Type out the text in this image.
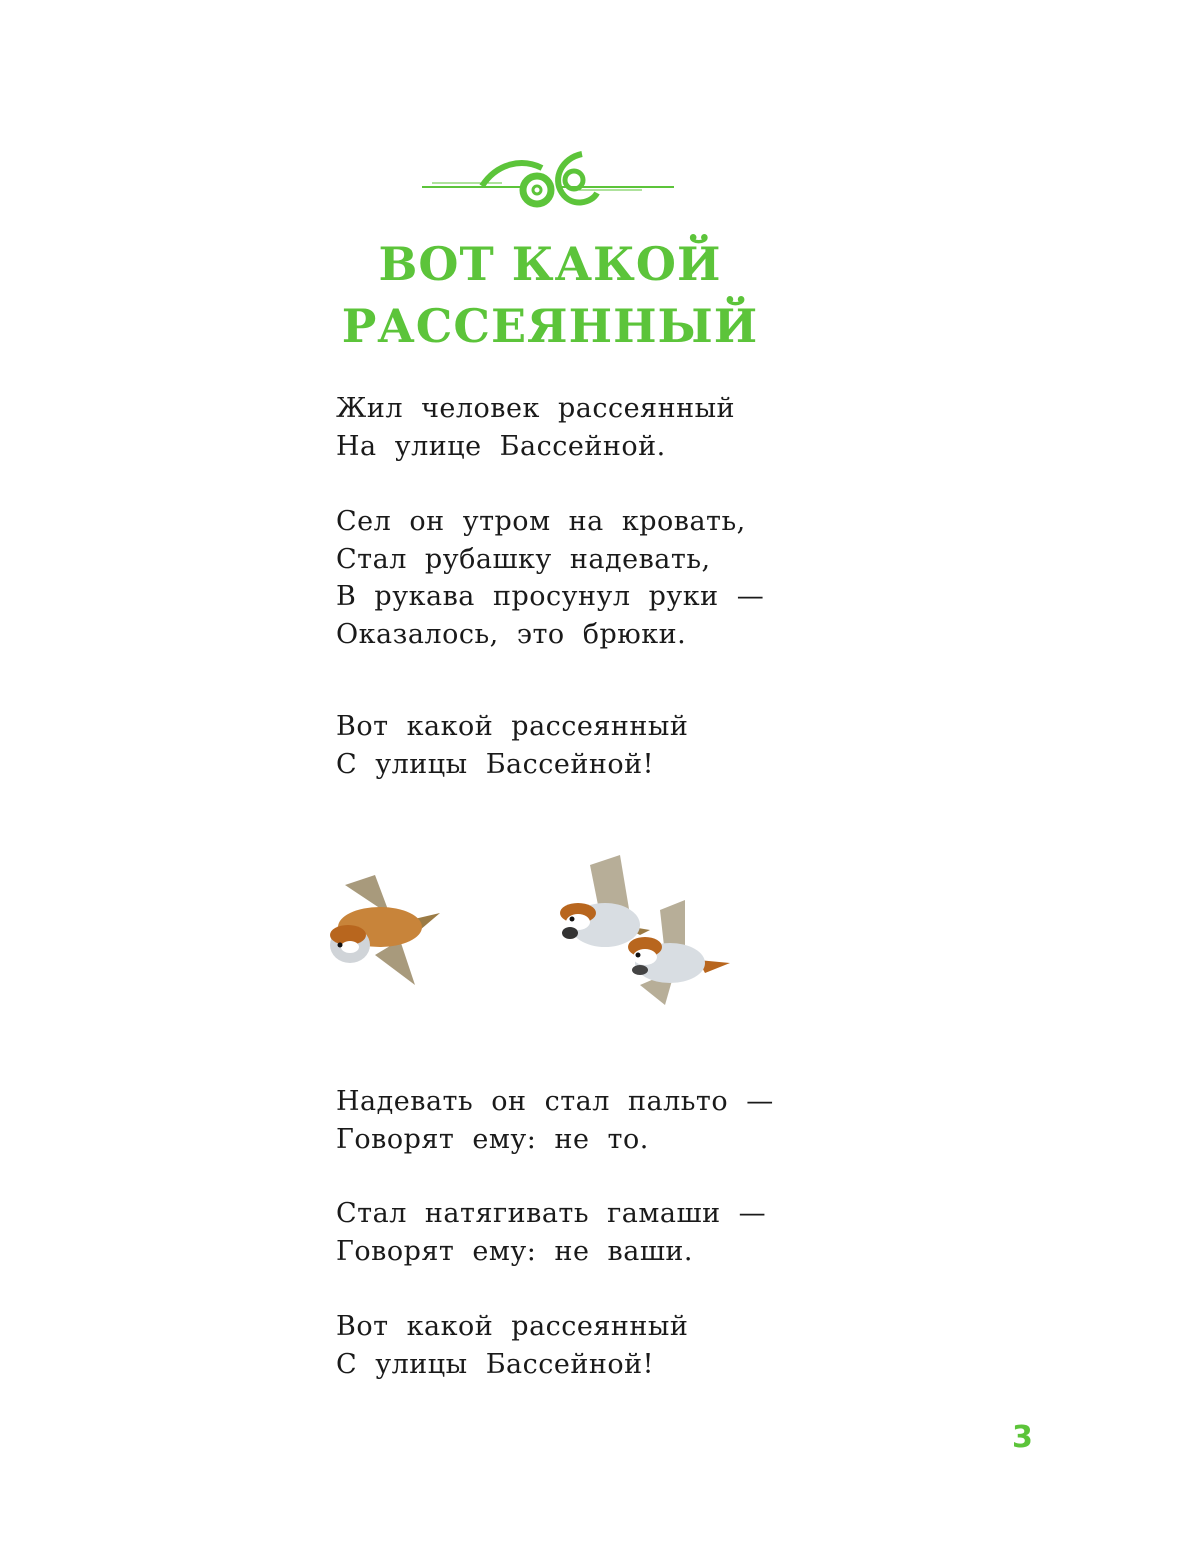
ВОТ КАКОЙ
РАССЕЯННЫЙ
Жил человек рассеянный
На улице Бассейной.
Сел он утром на кровать,
Стал рубашку надевать,
В рукава просунул руки —
Оказалось, это брюки.
Вот какой рассеянный
С улицы Бассейной!
Надевать он стал пальто —
Говорят ему: не то.
Стал натягивать гамаши —
Говорят ему: не ваши.
Вот какой рассеянный
С улицы Бассейной!
3
